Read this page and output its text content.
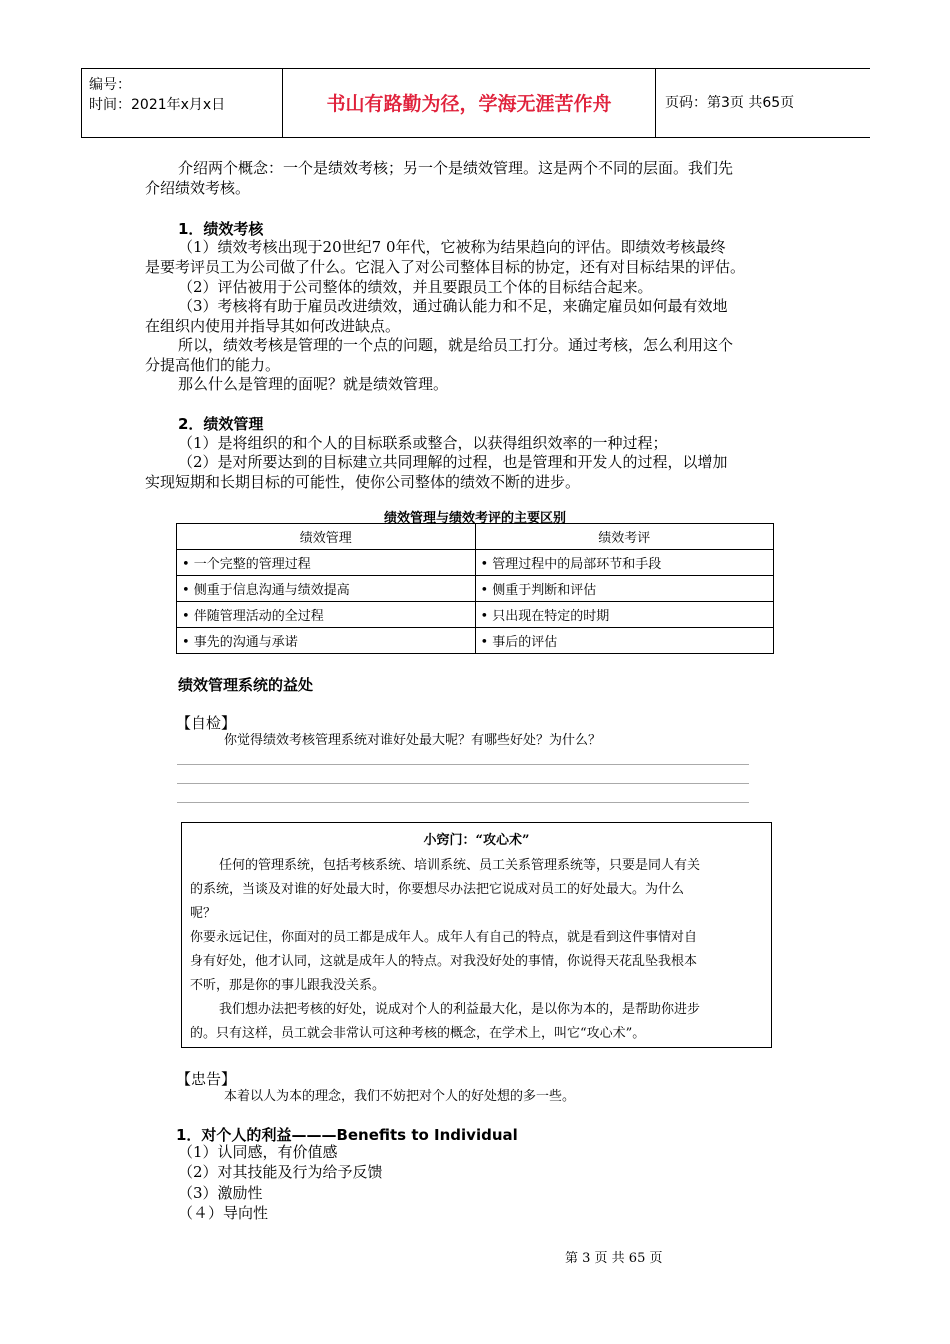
编号：
时间：2021年x月x日	书山有路勤为径，学海无涯苦作舟	页码：第3页 共65页
介绍两个概念：一个是绩效考核；另一个是绩效管理。这是两个不同的层面。我们先
介绍绩效考核。
1．绩效考核
（1）绩效考核出现于20世纪7 0年代，它被称为结果趋向的评估。即绩效考核最终
是要考评员工为公司做了什么。它混入了对公司整体目标的协定，还有对目标结果的评估。
（2）评估被用于公司整体的绩效，并且要跟员工个体的目标结合起来。
（3）考核将有助于雇员改进绩效，通过确认能力和不足，来确定雇员如何最有效地
在组织内使用并指导其如何改进缺点。
所以，绩效考核是管理的一个点的问题，就是给员工打分。通过考核，怎么利用这个
分提高他们的能力。
那么什么是管理的面呢？就是绩效管理。
2．绩效管理
（1）是将组织的和个人的目标联系或整合，以获得组织效率的一种过程；
（2）是对所要达到的目标建立共同理解的过程，也是管理和开发人的过程，以增加
实现短期和长期目标的可能性，使你公司整体的绩效不断的进步。
绩效管理与绩效考评的主要区别
绩效管理	绩效考评
• 一个完整的管理过程	• 管理过程中的局部环节和手段
• 侧重于信息沟通与绩效提高	• 侧重于判断和评估
• 伴随管理活动的全过程	• 只出现在特定的时期
• 事先的沟通与承诺	• 事后的评估
绩效管理系统的益处
【自检】
你觉得绩效考核管理系统对谁好处最大呢？有哪些好处？为什么？
小窍门：“攻心术”
任何的管理系统，包括考核系统、培训系统、员工关系管理系统等，只要是同人有关
的系统，当谈及对谁的好处最大时，你要想尽办法把它说成对员工的好处最大。为什么
呢？
你要永远记住，你面对的员工都是成年人。成年人有自己的特点，就是看到这件事情对自
身有好处，他才认同，这就是成年人的特点。对我没好处的事情，你说得天花乱坠我根本
不听，那是你的事儿跟我没关系。
我们想办法把考核的好处，说成对个人的利益最大化，是以你为本的，是帮助你进步
的。只有这样，员工就会非常认可这种考核的概念，在学术上，叫它“攻心术”。
【忠告】
本着以人为本的理念，我们不妨把对个人的好处想的多一些。
1．对个人的利益———Benefits to Individual
（1）认同感，有价值感
（2）对其技能及行为给予反馈
（3）激励性
（４）导向性
第 3 页 共 65 页
